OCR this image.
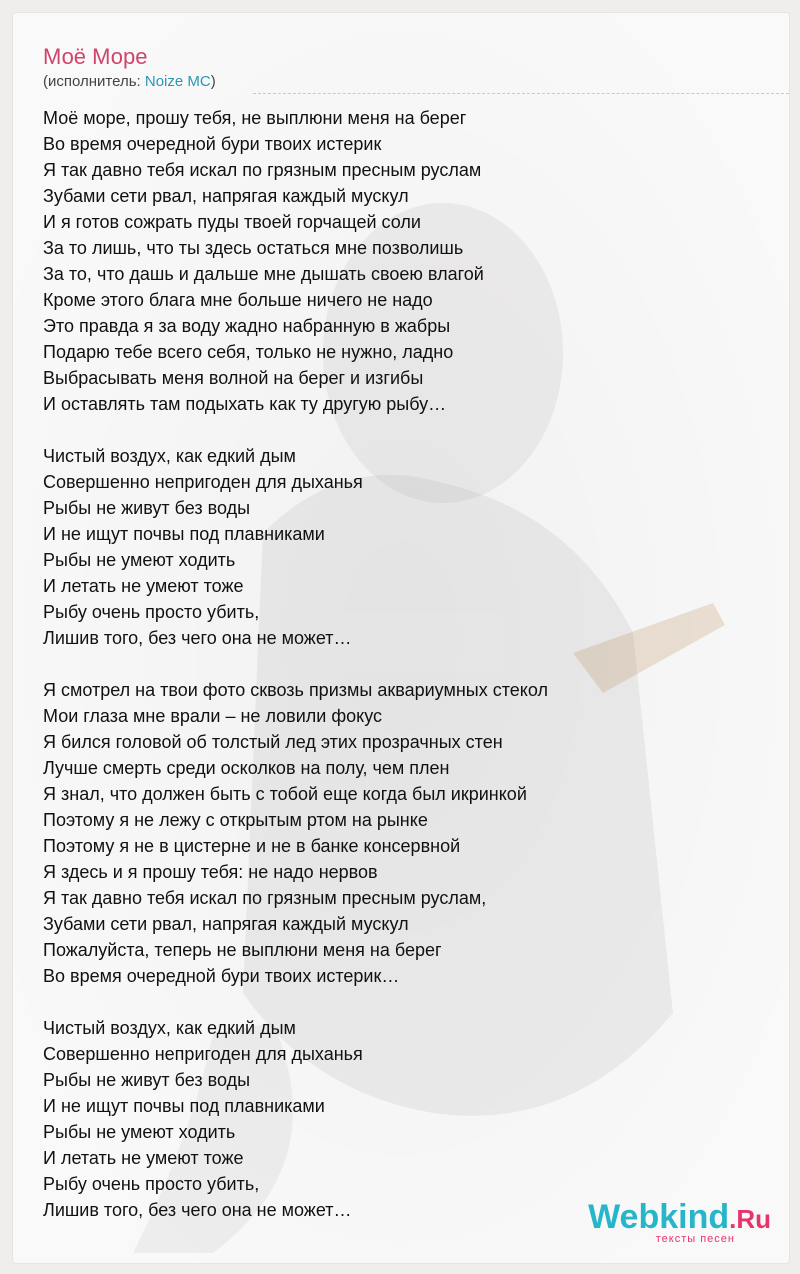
Моё Море
(исполнитель: Noize MC)
Моё море, прошу тебя, не выплюни меня на берег
Во время очередной бури твоих истерик
Я так давно тебя искал по грязным пресным руслам
Зубами сети рвал, напрягая каждый мускул
И я готов сожрать пуды твоей горчащей соли
За то лишь, что ты здесь остаться мне позволишь
За то, что дашь и дальше мне дышать своею влагой
Кроме этого блага мне больше ничего не надо
Это правда я за воду жадно набранную в жабры
Подарю тебе всего себя, только не нужно, ладно
Выбрасывать меня волной на берег и изгибы
И оставлять там подыхать как ту другую рыбу…
Чистый воздух, как едкий дым
Совершенно непригоден для дыханья
Рыбы не живут без воды
И не ищут почвы под плавниками
Рыбы не умеют ходить
И летать не умеют тоже
Рыбу очень просто убить,
Лишив того, без чего она не может…
Я смотрел на твои фото сквозь призмы аквариумных стекол
Мои глаза мне врали – не ловили фокус
Я бился головой об толстый лед этих прозрачных стен
Лучше смерть среди осколков на полу, чем плен
Я знал, что должен быть с тобой еще когда был икринкой
Поэтому я не лежу с открытым ртом на рынке
Поэтому я не в цистерне и не в банке консервной
Я здесь и я прошу тебя: не надо нервов
Я так давно тебя искал по грязным пресным руслам,
Зубами сети рвал, напрягая каждый мускул
Пожалуйста, теперь не выплюни меня на берег
Во время очередной бури твоих истерик…
Чистый воздух, как едкий дым
Совершенно непригоден для дыханья
Рыбы не живут без воды
И не ищут почвы под плавниками
Рыбы не умеют ходить
И летать не умеют тоже
Рыбу очень просто убить,
Лишив того, без чего она не может…	Webkind.Ru
тексты песен
